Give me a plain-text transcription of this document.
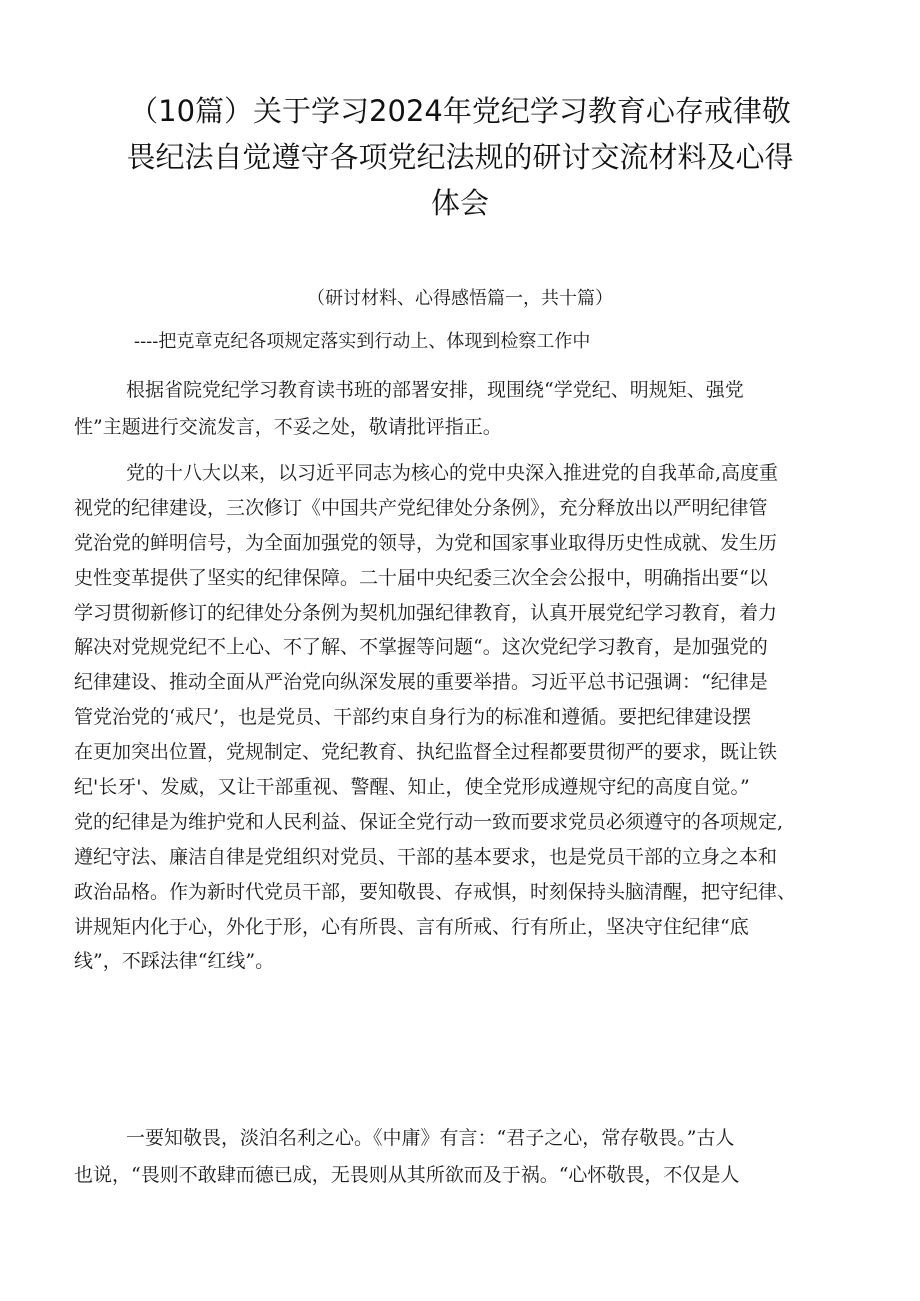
（10篇）关于学习2024年党纪学习教育心存戒律敬
畏纪法自觉遵守各项党纪法规的研讨交流材料及心得
体会
（研讨材料、心得感悟篇一，共十篇）
----把克章克纪各项规定落实到行动上、体现到检察工作中
根据省院党纪学习教育读书班的部署安排，现围绕“学党纪、明规矩、强党
性”主题进行交流发言，不妥之处，敬请批评指正。
党的十八大以来，以习近平同志为核心的党中央深入推进党的自我革命,高度重
视党的纪律建设，三次修订《中国共产党纪律处分条例》，充分释放出以严明纪律管
党治党的鲜明信号，为全面加强党的领导，为党和国家事业取得历史性成就、发生历
史性变革提供了坚实的纪律保障。二十届中央纪委三次全会公报中，明确指出要“以
学习贯彻新修订的纪律处分条例为契机加强纪律教育，认真开展党纪学习教育，着力
解决对党规党纪不上心、不了解、不掌握等问题“。这次党纪学习教育，是加强党的
纪律建设、推动全面从严治党向纵深发展的重要举措。习近平总书记强调：“纪律是
管党治党的‘戒尺’，也是党员、干部约束自身行为的标准和遵循。要把纪律建设摆
在更加突出位置，党规制定、党纪教育、执纪监督全过程都要贯彻严的要求，既让铁
纪'长牙'、发威，又让干部重视、警醒、知止，使全党形成遵规守纪的高度自觉。”
党的纪律是为维护党和人民利益、保证全党行动一致而要求党员必须遵守的各项规定,
遵纪守法、廉洁自律是党组织对党员、干部的基本要求，也是党员干部的立身之本和
政治品格。作为新时代党员干部，要知敬畏、存戒惧，时刻保持头脑清醒，把守纪律、
讲规矩内化于心，外化于形，心有所畏、言有所戒、行有所止，坚决守住纪律“底
线”，不踩法律“红线”。
一要知敬畏，淡泊名利之心。《中庸》有言：“君子之心，常存敬畏。”古人
也说，“畏则不敢肆而德已成，无畏则从其所欲而及于祸。“心怀敬畏，不仅是人
